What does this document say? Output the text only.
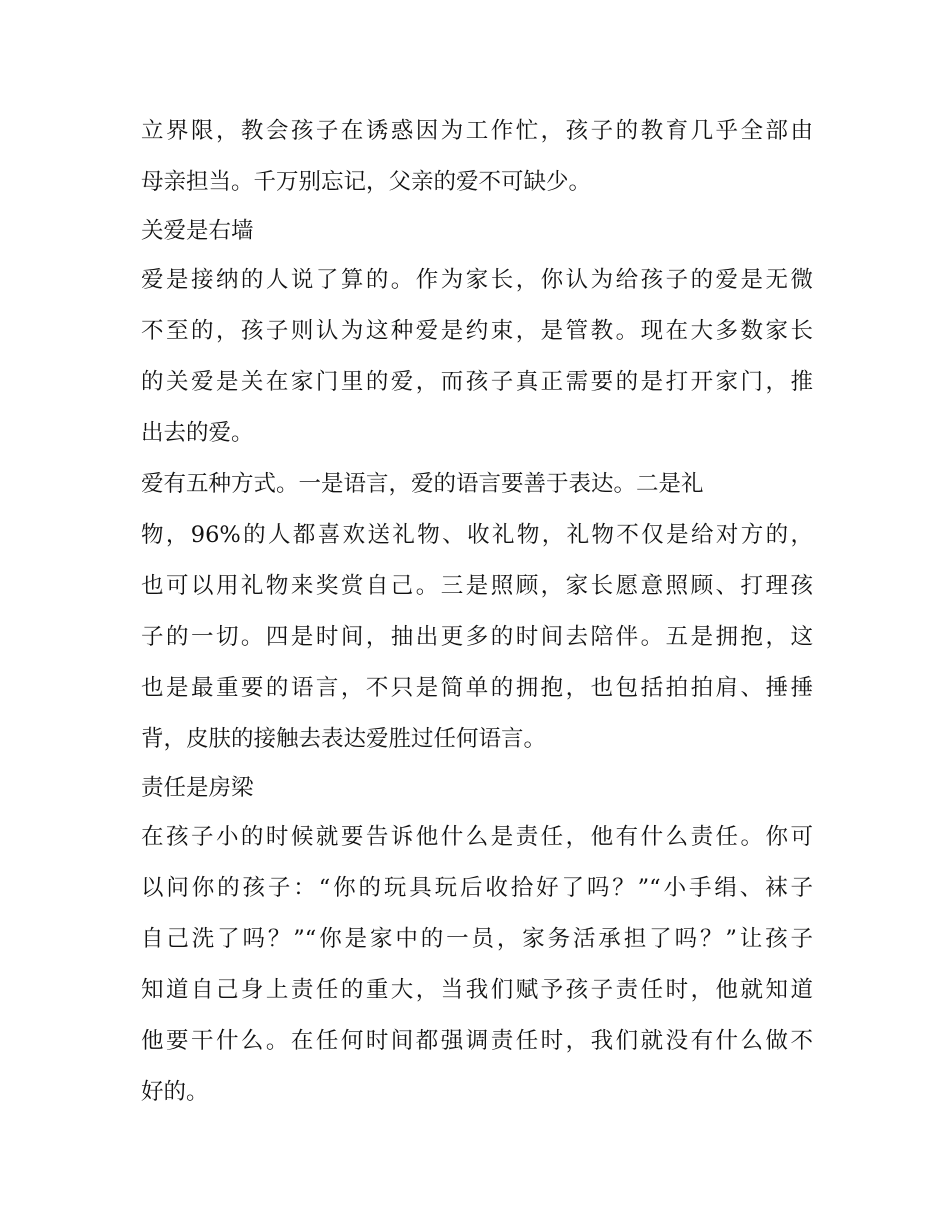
立界限，教会孩子在诱惑因为工作忙，孩子的教育几乎全部由
母亲担当。千万别忘记，父亲的爱不可缺少。
关爱是右墙
爱是接纳的人说了算的。作为家长，你认为给孩子的爱是无微
不至的，孩子则认为这种爱是约束，是管教。现在大多数家长
的关爱是关在家门里的爱，而孩子真正需要的是打开家门，推
出去的爱。
爱有五种方式。一是语言，爱的语言要善于表达。二是礼
物，96%的人都喜欢送礼物、收礼物，礼物不仅是给对方的，
也可以用礼物来奖赏自己。三是照顾，家长愿意照顾、打理孩
子的一切。四是时间，抽出更多的时间去陪伴。五是拥抱，这
也是最重要的语言，不只是简单的拥抱，也包括拍拍肩、捶捶
背，皮肤的接触去表达爱胜过任何语言。
责任是房梁
在孩子小的时候就要告诉他什么是责任，他有什么责任。你可
以问你的孩子：“你的玩具玩后收拾好了吗？”“小手绢、袜子
自己洗了吗？”“你是家中的一员，家务活承担了吗？”让孩子
知道自己身上责任的重大，当我们赋予孩子责任时，他就知道
他要干什么。在任何时间都强调责任时，我们就没有什么做不
好的。
